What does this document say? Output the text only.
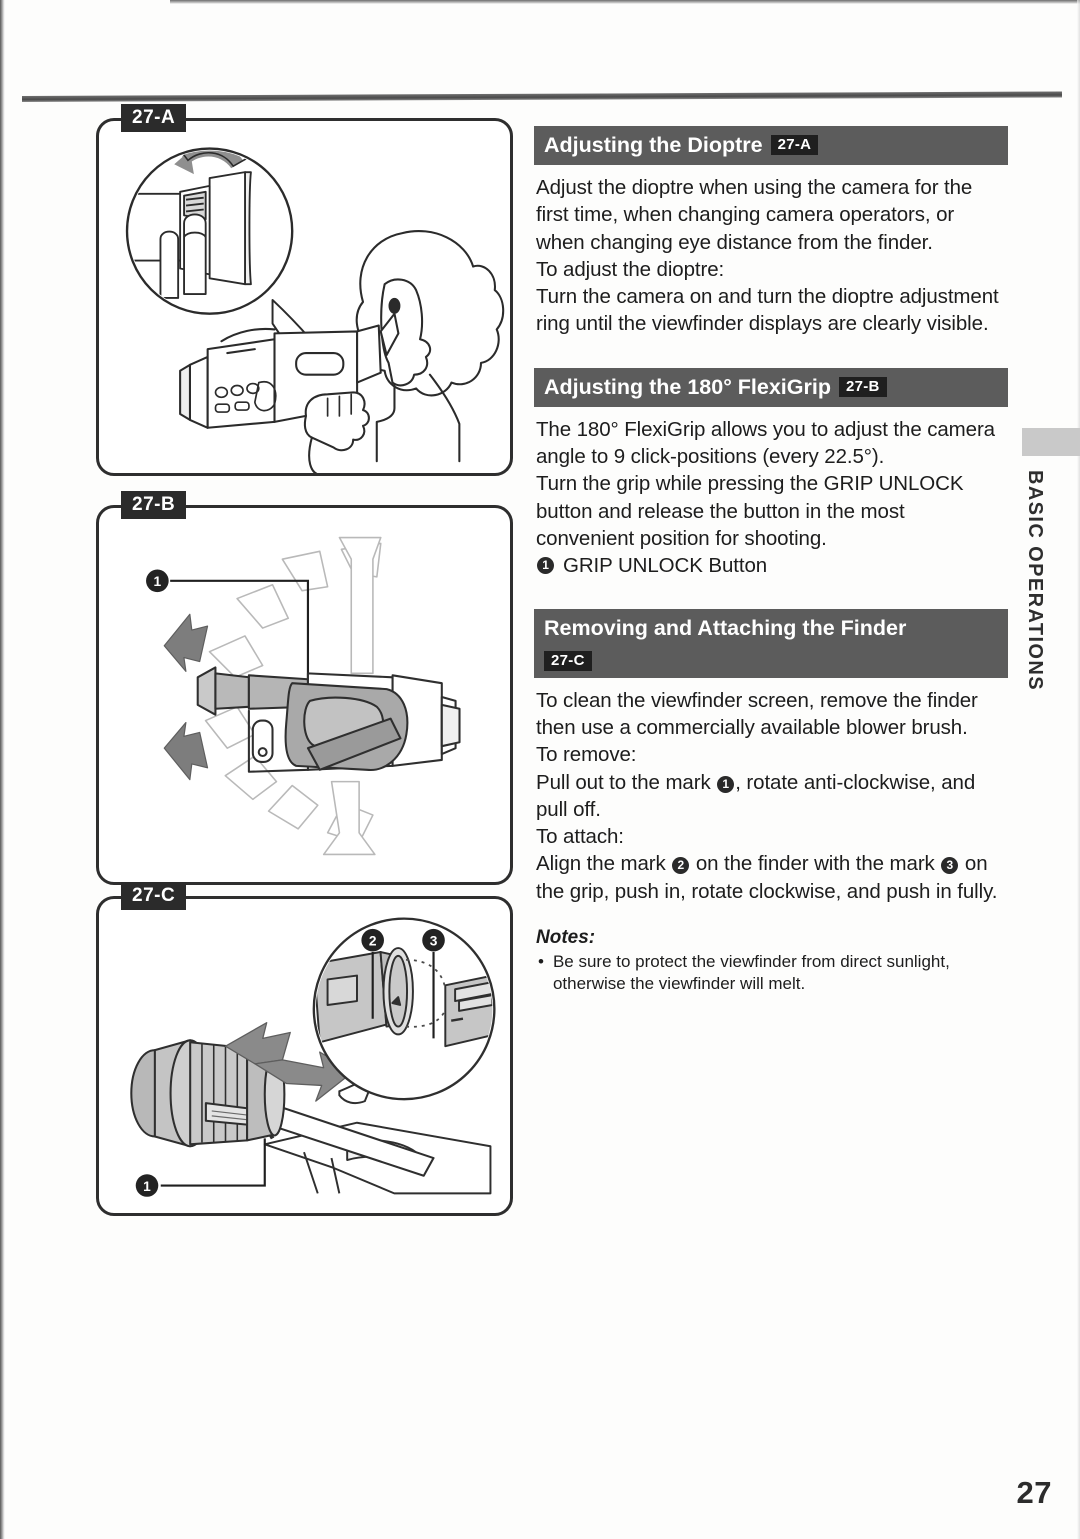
27-A
27-B
1
27-C
1
2	3
Adjusting the Dioptre 27-A

Adjust the dioptre when using the camera for the first time, when changing camera operators, or when changing eye distance from the finder.

To adjust the dioptre:

Turn the camera on and turn the dioptre adjustment ring until the viewfinder displays are clearly visible.

Adjusting the 180° FlexiGrip 27-B

The 180° FlexiGrip allows you to adjust the camera angle to 9 click-positions (every 22.5°).

Turn the grip while pressing the GRIP UNLOCK button and release the button in the most convenient position for shooting.

1 GRIP UNLOCK Button
Removing and Attaching the Finder
27-C

To clean the viewfinder screen, remove the finder then use a commercially available blower brush.

To remove:

Pull out to the mark 1 , rotate anti-clockwise, and pull off.

To attach:

Align the mark 2 on the finder with the mark 3 on the grip, push in, rotate clockwise, and push in fully.

Notes:
• Be sure to protect the viewfinder from direct sunlight, otherwise the viewfinder will melt.
BASIC OPERATIONS
27
